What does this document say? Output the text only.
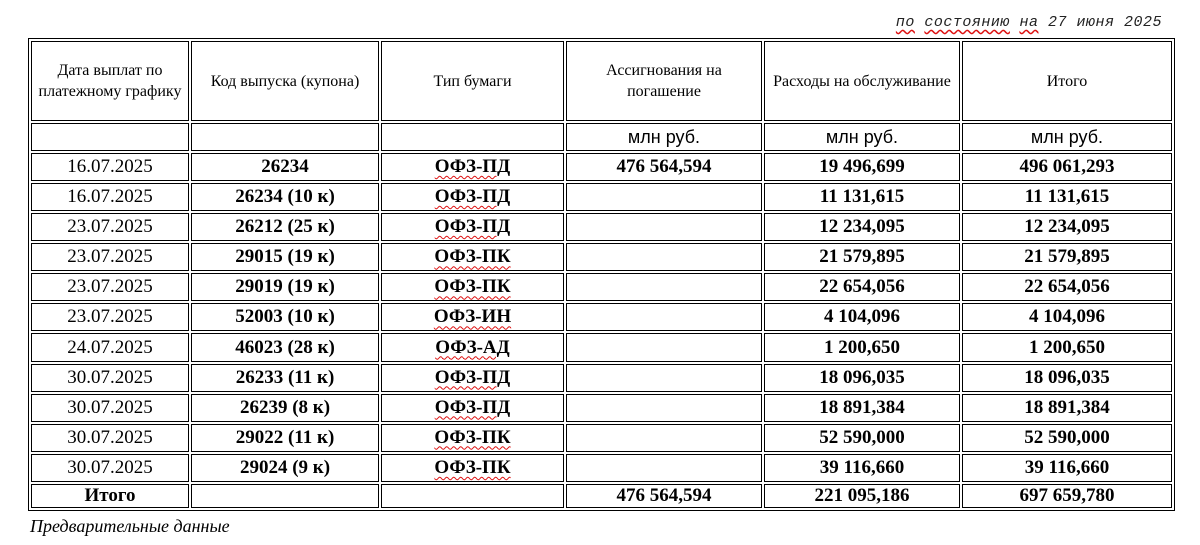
по состоянию на 27 июня 2025
Дата выплат по платежному графику	Код выпуска (купона)	Тип бумаги	Ассигнования на погашение	Расходы на обслуживание	Итого
			млн руб.	млн руб.	млн руб.
16.07.2025	26234	ОФЗ-ПД	476 564,594	19 496,699	496 061,293
16.07.2025	26234 (10 к)	ОФЗ-ПД		11 131,615	11 131,615
23.07.2025	26212 (25 к)	ОФЗ-ПД		12 234,095	12 234,095
23.07.2025	29015 (19 к)	ОФЗ-ПК		21 579,895	21 579,895
23.07.2025	29019 (19 к)	ОФЗ-ПК		22 654,056	22 654,056
23.07.2025	52003 (10 к)	ОФЗ-ИН		4 104,096	4 104,096
24.07.2025	46023 (28 к)	ОФЗ-АД		1 200,650	1 200,650
30.07.2025	26233 (11 к)	ОФЗ-ПД		18 096,035	18 096,035
30.07.2025	26239 (8 к)	ОФЗ-ПД		18 891,384	18 891,384
30.07.2025	29022 (11 к)	ОФЗ-ПК		52 590,000	52 590,000
30.07.2025	29024 (9 к)	ОФЗ-ПК		39 116,660	39 116,660
Итого			476 564,594	221 095,186	697 659,780
Предварительные данные
